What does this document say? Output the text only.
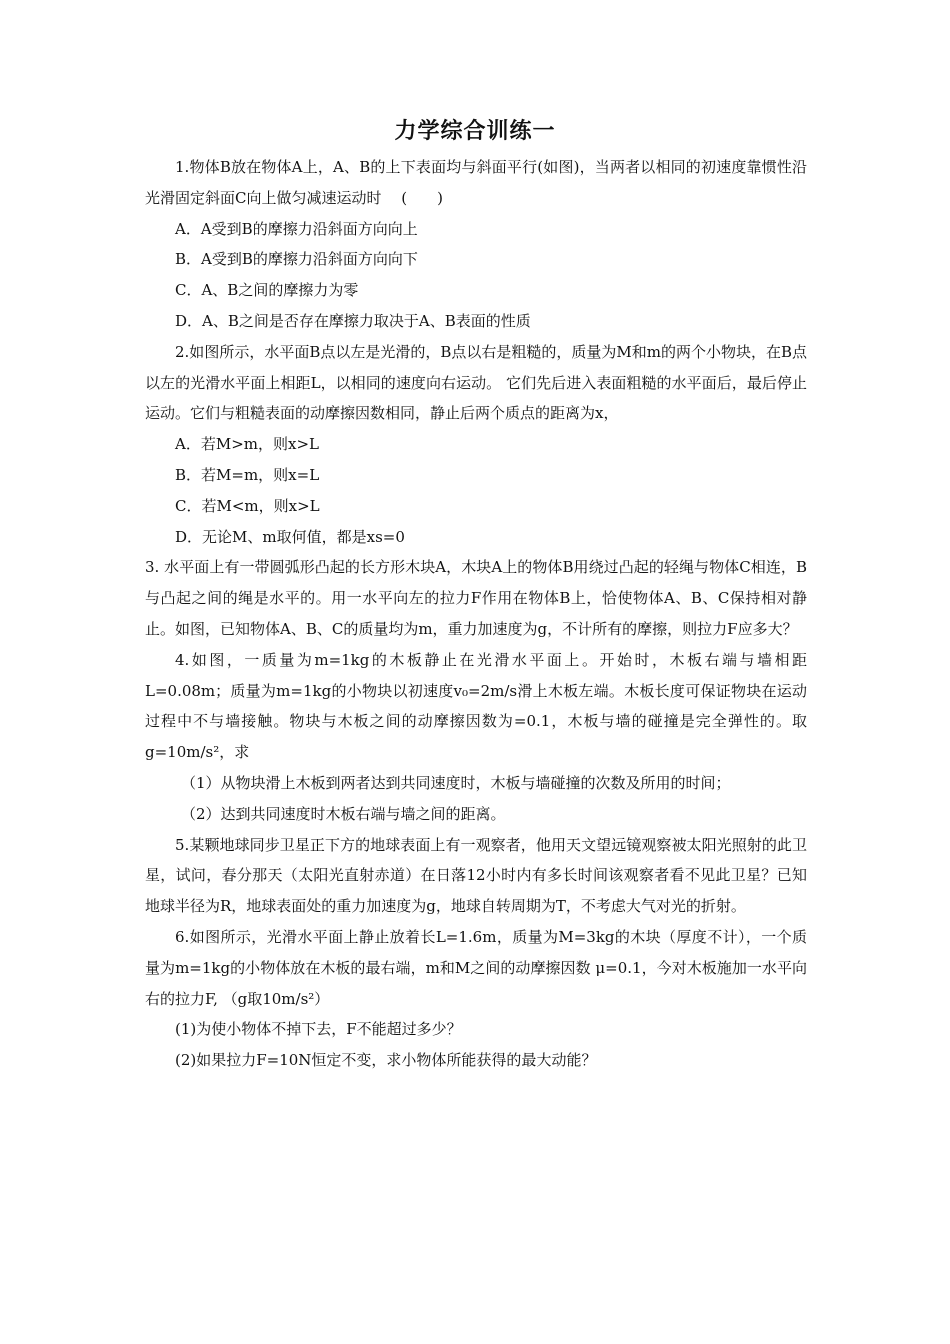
力学综合训练一

1.物体B放在物体A上，A、B的上下表面均与斜面平行(如图)，当两者以相同的初速度靠惯性沿光滑固定斜面C向上做匀减速运动时　 (　　)

A．A受到B的摩擦力沿斜面方向向上

B．A受到B的摩擦力沿斜面方向向下

C．A、B之间的摩擦力为零

D．A、B之间是否存在摩擦力取决于A、B表面的性质

2.如图所示，水平面B点以左是光滑的，B点以右是粗糙的，质量为M和m的两个小物块，在B点以左的光滑水平面上相距L，以相同的速度向右运动。 它们先后进入表面粗糙的水平面后，最后停止运动。它们与粗糙表面的动摩擦因数相同，静止后两个质点的距离为x，

A．若M>m，则x>L

B．若M=m，则x=L

C．若M<m，则x>L

D．无论M、m取何值，都是xs=0

3. 水平面上有一带圆弧形凸起的长方形木块A，木块A上的物体B用绕过凸起的轻绳与物体C相连，B与凸起之间的绳是水平的。用一水平向左的拉力F作用在物体B上，恰使物体A、B、C保持相对静止。如图，已知物体A、B、C的质量均为m，重力加速度为g，不计所有的摩擦，则拉力F应多大？

4.如图，一质量为m=1kg的木板静止在光滑水平面上。开始时，木板右端与墙相距L=0.08m；质量为m=1kg的小物块以初速度v₀=2m/s滑上木板左端。木板长度可保证物块在运动过程中不与墙接触。物块与木板之间的动摩擦因数为=0.1，木板与墙的碰撞是完全弹性的。取g=10m/s²，求

（1）从物块滑上木板到两者达到共同速度时，木板与墙碰撞的次数及所用的时间；

（2）达到共同速度时木板右端与墙之间的距离。

5.某颗地球同步卫星正下方的地球表面上有一观察者，他用天文望远镜观察被太阳光照射的此卫星，试问，春分那天（太阳光直射赤道）在日落12小时内有多长时间该观察者看不见此卫星？已知地球半径为R，地球表面处的重力加速度为g，地球自转周期为T，不考虑大气对光的折射。

6.如图所示，光滑水平面上静止放着长L=1.6m，质量为M=3kg的木块（厚度不计），一个质量为m=1kg的小物体放在木板的最右端，m和M之间的动摩擦因数 μ=0.1，今对木板施加一水平向右的拉力F, （g取10m/s²）

(1)为使小物体不掉下去，F不能超过多少？

(2)如果拉力F=10N恒定不变，求小物体所能获得的最大动能？
